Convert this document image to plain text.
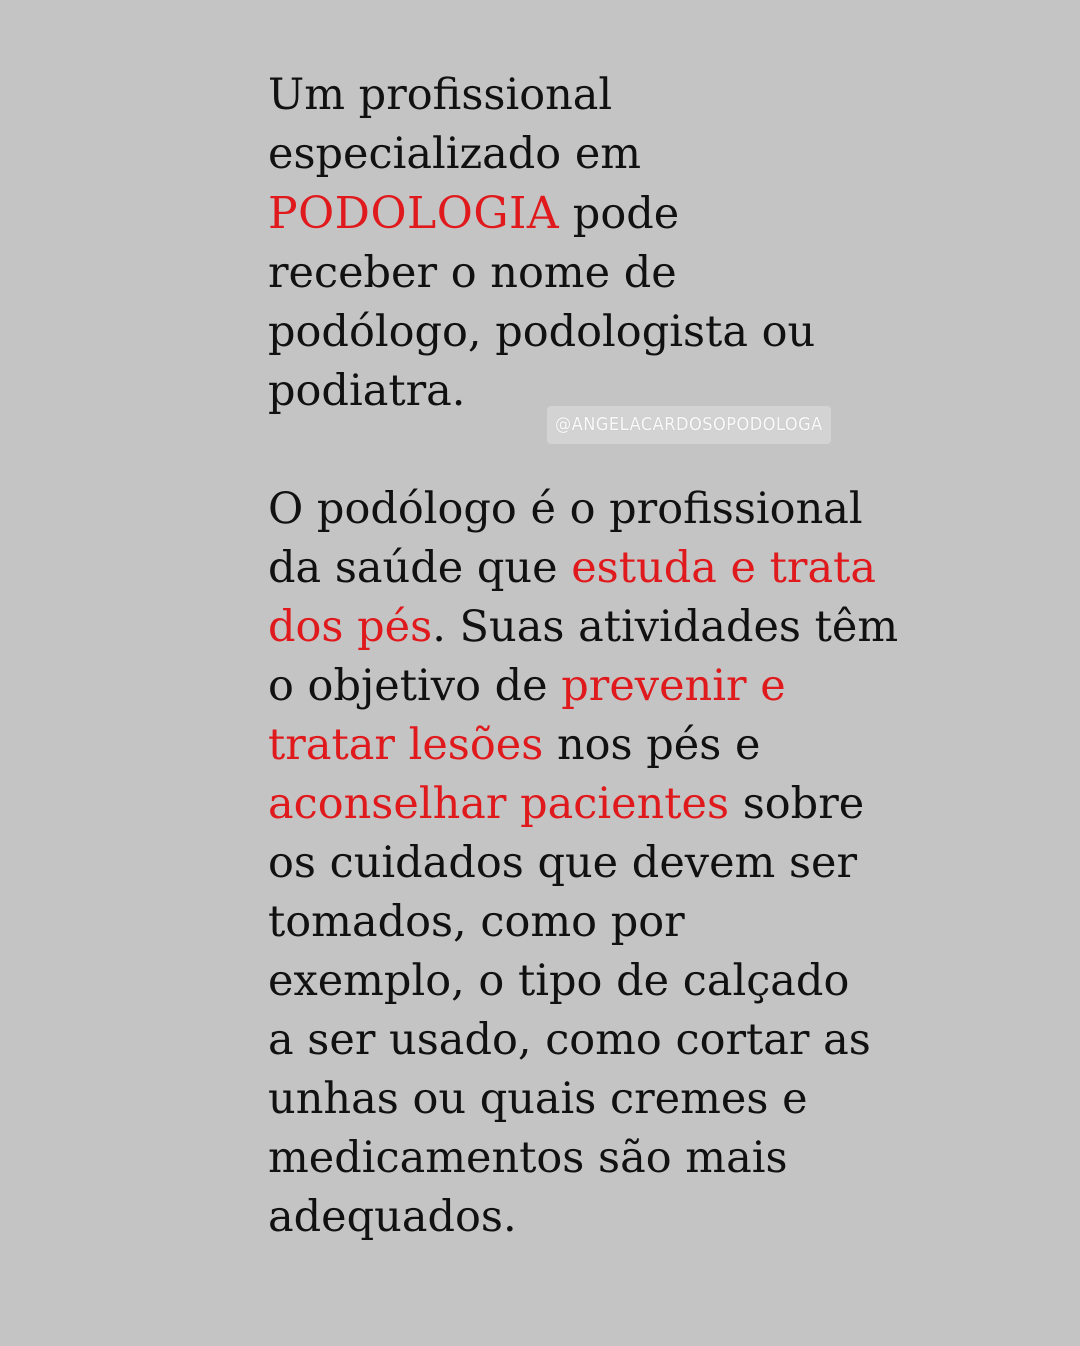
Um profissional
especializado em
PODOLOGIA pode
receber o nome de
podólogo, podologista ou
podiatra.
@ANGELACARDOSOPODOLOGA
O podólogo é o profissional
da saúde que estuda e trata
dos pés. Suas atividades têm
o objetivo de prevenir e
tratar lesões nos pés e
aconselhar pacientes sobre
os cuidados que devem ser
tomados, como por
exemplo, o tipo de calçado
a ser usado, como cortar as
unhas ou quais cremes e
medicamentos são mais
adequados.
